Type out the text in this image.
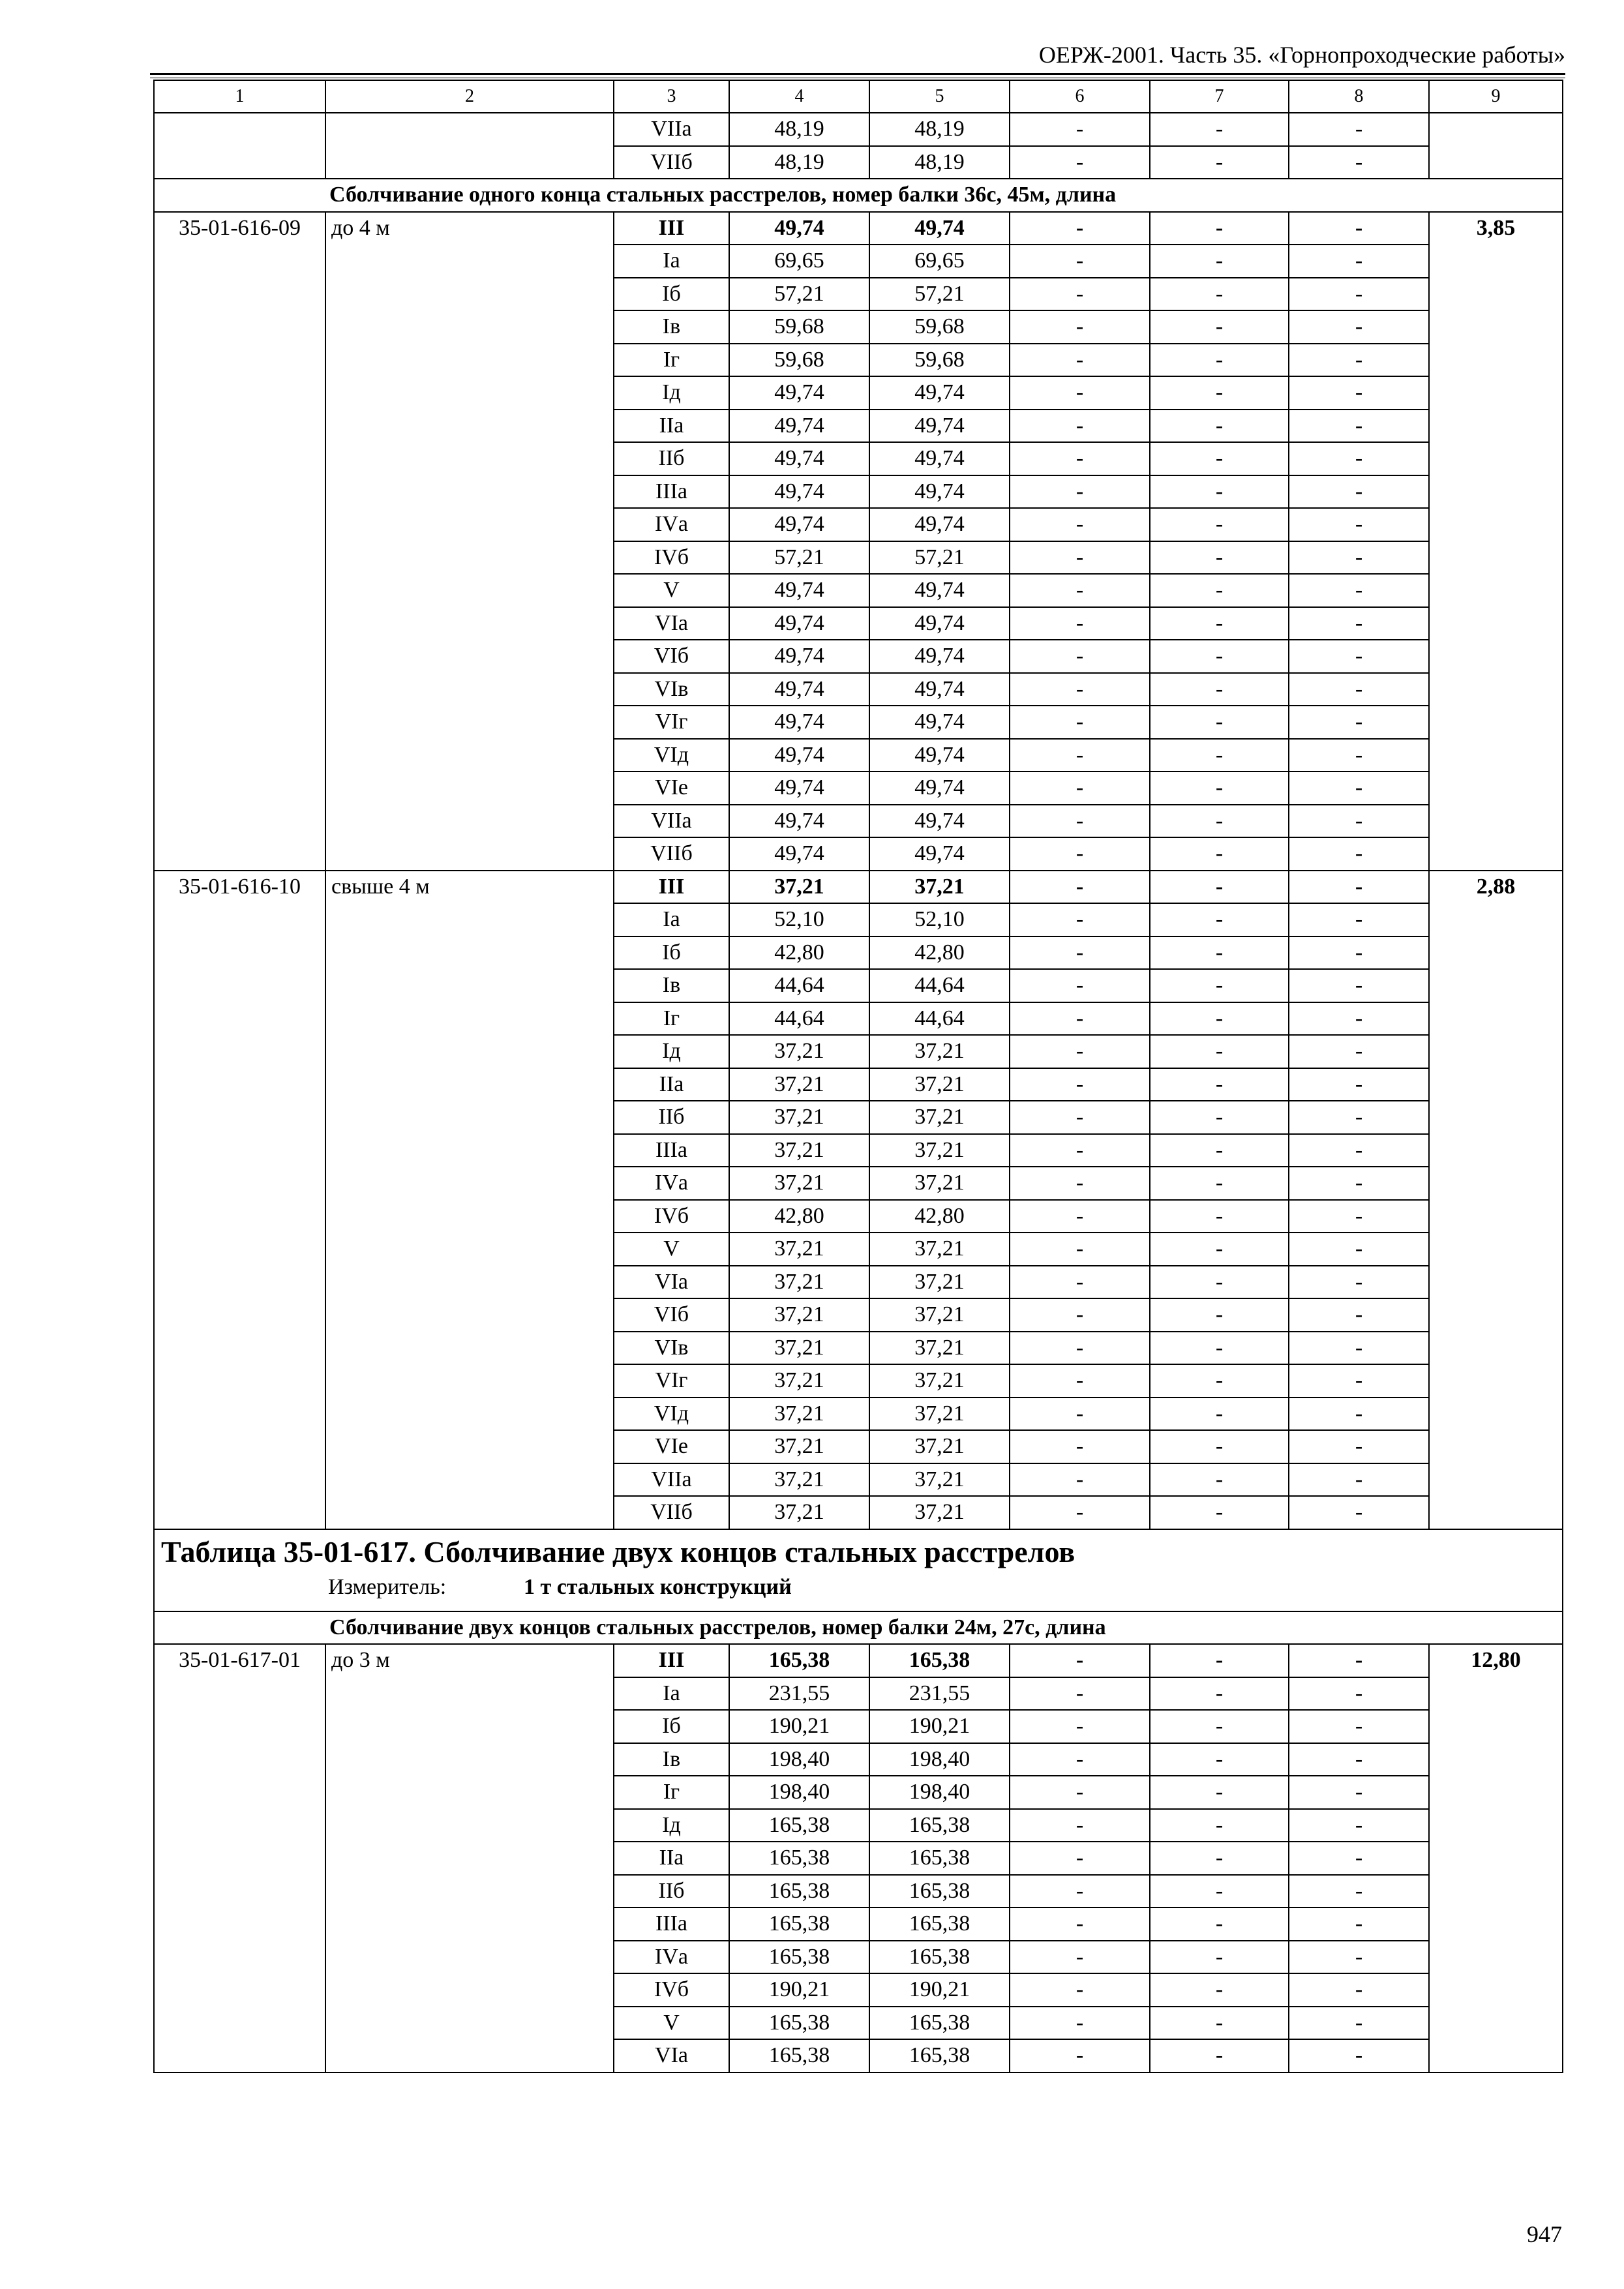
ОЕРЖ-2001. Часть 35. «Горнопроходческие работы»
1	2	3	4	5	6	7	8	9
		VIIа	48,19	48,19	-	-	-	
		VIIб	48,19	48,19	-	-	-	
Сболчивание одного конца стальных расстрелов, номер балки 36с, 45м, длина								
35-01-616-09	до 4 м	III	49,74	49,74	-	-	-	3,85
		Iа	69,65	69,65	-	-	-	
		Iб	57,21	57,21	-	-	-	
		Iв	59,68	59,68	-	-	-	
		Iг	59,68	59,68	-	-	-	
		Iд	49,74	49,74	-	-	-	
		IIа	49,74	49,74	-	-	-	
		IIб	49,74	49,74	-	-	-	
		IIIа	49,74	49,74	-	-	-	
		IVа	49,74	49,74	-	-	-	
		IVб	57,21	57,21	-	-	-	
		V	49,74	49,74	-	-	-	
		VIа	49,74	49,74	-	-	-	
		VIб	49,74	49,74	-	-	-	
		VIв	49,74	49,74	-	-	-	
		VIг	49,74	49,74	-	-	-	
		VIд	49,74	49,74	-	-	-	
		VIе	49,74	49,74	-	-	-	
		VIIа	49,74	49,74	-	-	-	
		VIIб	49,74	49,74	-	-	-	
35-01-616-10	свыше 4 м	III	37,21	37,21	-	-	-	2,88
		Iа	52,10	52,10	-	-	-	
		Iб	42,80	42,80	-	-	-	
		Iв	44,64	44,64	-	-	-	
		Iг	44,64	44,64	-	-	-	
		Iд	37,21	37,21	-	-	-	
		IIа	37,21	37,21	-	-	-	
		IIб	37,21	37,21	-	-	-	
		IIIа	37,21	37,21	-	-	-	
		IVа	37,21	37,21	-	-	-	
		IVб	42,80	42,80	-	-	-	
		V	37,21	37,21	-	-	-	
		VIа	37,21	37,21	-	-	-	
		VIб	37,21	37,21	-	-	-	
		VIв	37,21	37,21	-	-	-	
		VIг	37,21	37,21	-	-	-	
		VIд	37,21	37,21	-	-	-	
		VIе	37,21	37,21	-	-	-	
		VIIа	37,21	37,21	-	-	-	
		VIIб	37,21	37,21	-	-	-	

Таблица 35-01-617. Сболчивание двух концов стальных расстрелов
Измеритель: 1 т стальных конструкций								

Сболчивание двух концов стальных расстрелов, номер балки 24м, 27с, длина								
35-01-617-01	до 3 м	III	165,38	165,38	-	-	-	12,80
		Iа	231,55	231,55	-	-	-	
		Iб	190,21	190,21	-	-	-	
		Iв	198,40	198,40	-	-	-	
		Iг	198,40	198,40	-	-	-	
		Iд	165,38	165,38	-	-	-	
		IIа	165,38	165,38	-	-	-	
		IIб	165,38	165,38	-	-	-	
		IIIа	165,38	165,38	-	-	-	
		IVа	165,38	165,38	-	-	-	
		IVб	190,21	190,21	-	-	-	
		V	165,38	165,38	-	-	-	
		VIа	165,38	165,38	-	-	-	
947
